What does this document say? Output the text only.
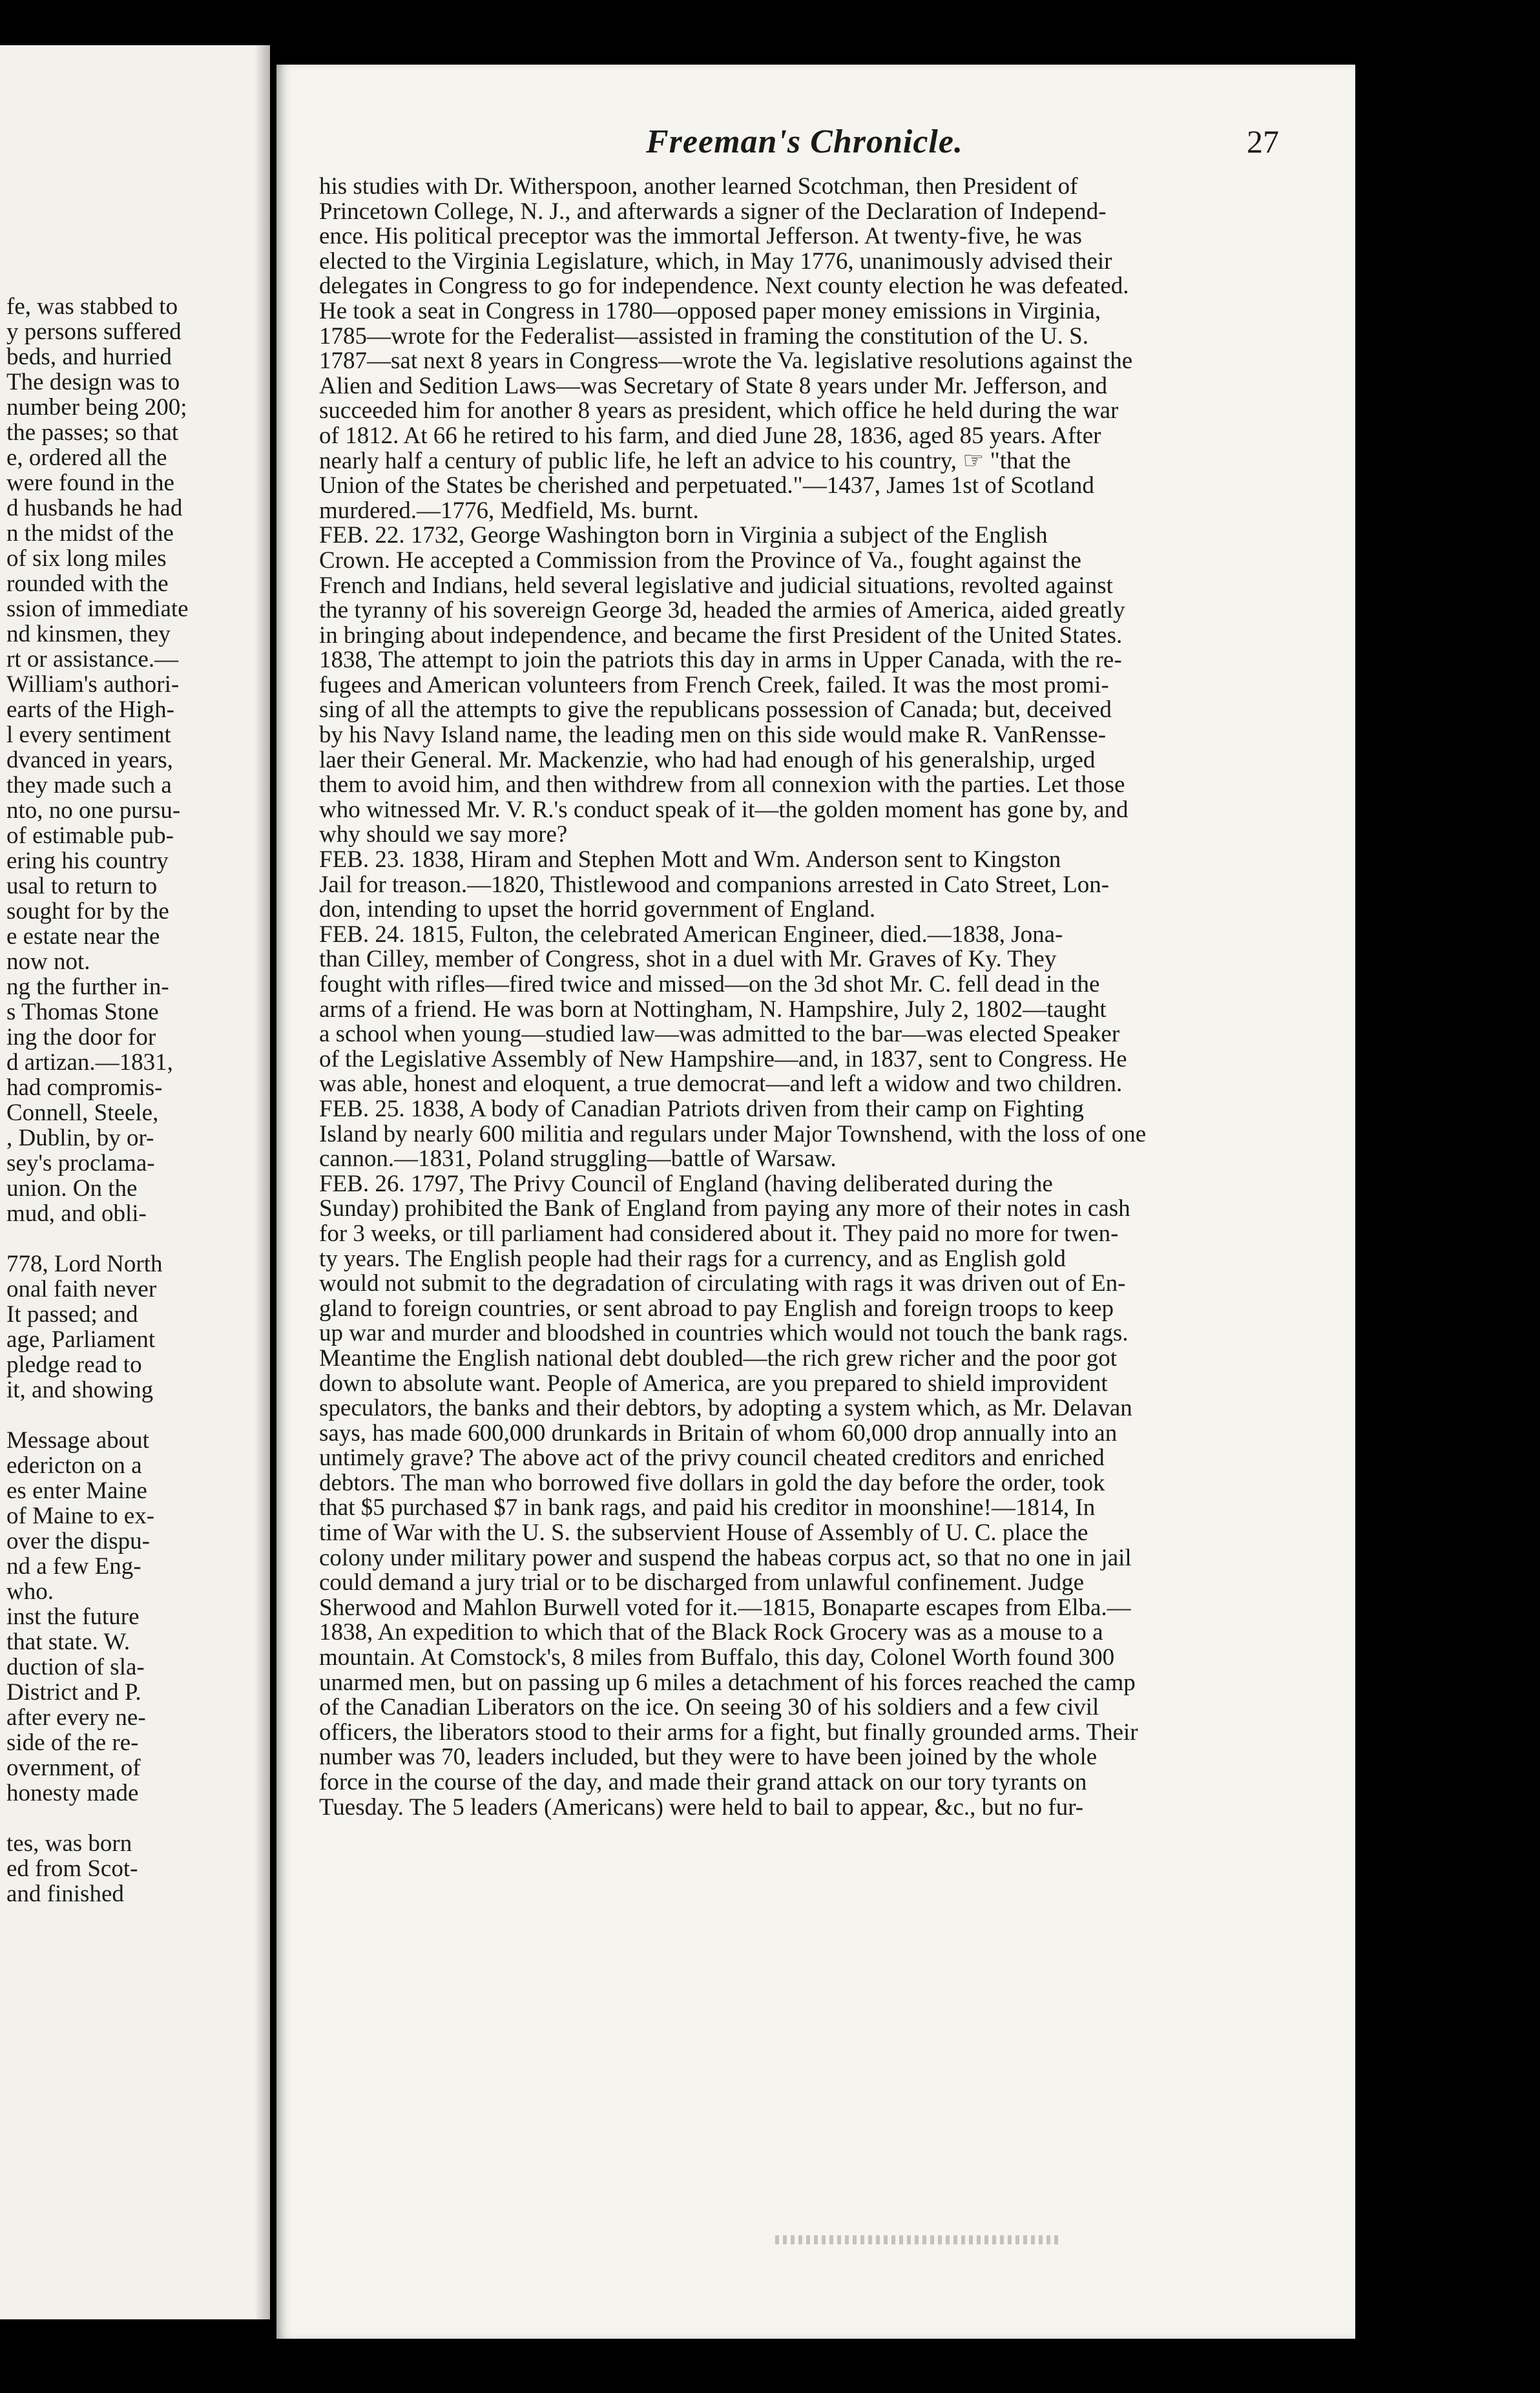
fe, was stabbed to
y persons suffered
beds, and hurried
The design was to
number being 200;
the passes; so that
e, ordered all the
were found in the
d husbands he had
n the midst of the
of six long miles
rounded with the
ssion of immediate
nd kinsmen, they
rt or assistance.—
William's authori-
earts of the High-
l every sentiment
dvanced in years,
they made such a
nto, no one pursu-
of estimable pub-
ering his country
usal to return to
sought for by the
e estate near the
now not.
ng the further in-
s Thomas Stone
ing the door for
d artizan.—1831,
had compromis-
Connell, Steele,
, Dublin, by or-
sey's proclama-
union. On the
mud, and obli-
778, Lord North
onal faith never
It passed; and
age, Parliament
pledge read to
it, and showing
Message about
edericton on a
es enter Maine
of Maine to ex-
over the dispu-
nd a few Eng-
who.
inst the future
that state. W.
duction of sla-
District and P.
after every ne-
side of the re-
overnment, of
honesty made
tes, was born
ed from Scot-
and finished
Freeman's Chronicle.	27
his studies with Dr. Witherspoon, another learned Scotchman, then President of
Princetown College, N. J., and afterwards a signer of the Declaration of Independ-
ence. His political preceptor was the immortal Jefferson. At twenty-five, he was
elected to the Virginia Legislature, which, in May 1776, unanimously advised their
delegates in Congress to go for independence. Next county election he was defeated.
He took a seat in Congress in 1780—opposed paper money emissions in Virginia,
1785—wrote for the Federalist—assisted in framing the constitution of the U. S.
1787—sat next 8 years in Congress—wrote the Va. legislative resolutions against the
Alien and Sedition Laws—was Secretary of State 8 years under Mr. Jefferson, and
succeeded him for another 8 years as president, which office he held during the war
of 1812. At 66 he retired to his farm, and died June 28, 1836, aged 85 years. After
nearly half a century of public life, he left an advice to his country, ☞ "that the
Union of the States be cherished and perpetuated."—1437, James 1st of Scotland
murdered.—1776, Medfield, Ms. burnt.
FEB. 22. 1732, George Washington born in Virginia a subject of the English
Crown. He accepted a Commission from the Province of Va., fought against the
French and Indians, held several legislative and judicial situations, revolted against
the tyranny of his sovereign George 3d, headed the armies of America, aided greatly
in bringing about independence, and became the first President of the United States.
1838, The attempt to join the patriots this day in arms in Upper Canada, with the re-
fugees and American volunteers from French Creek, failed. It was the most promi-
sing of all the attempts to give the republicans possession of Canada; but, deceived
by his Navy Island name, the leading men on this side would make R. VanRensse-
laer their General. Mr. Mackenzie, who had had enough of his generalship, urged
them to avoid him, and then withdrew from all connexion with the parties. Let those
who witnessed Mr. V. R.'s conduct speak of it—the golden moment has gone by, and
why should we say more?
FEB. 23. 1838, Hiram and Stephen Mott and Wm. Anderson sent to Kingston
Jail for treason.—1820, Thistlewood and companions arrested in Cato Street, Lon-
don, intending to upset the horrid government of England.
FEB. 24. 1815, Fulton, the celebrated American Engineer, died.—1838, Jona-
than Cilley, member of Congress, shot in a duel with Mr. Graves of Ky. They
fought with rifles—fired twice and missed—on the 3d shot Mr. C. fell dead in the
arms of a friend. He was born at Nottingham, N. Hampshire, July 2, 1802—taught
a school when young—studied law—was admitted to the bar—was elected Speaker
of the Legislative Assembly of New Hampshire—and, in 1837, sent to Congress. He
was able, honest and eloquent, a true democrat—and left a widow and two children.
FEB. 25. 1838, A body of Canadian Patriots driven from their camp on Fighting
Island by nearly 600 militia and regulars under Major Townshend, with the loss of one
cannon.—1831, Poland struggling—battle of Warsaw.
FEB. 26. 1797, The Privy Council of England (having deliberated during the
Sunday) prohibited the Bank of England from paying any more of their notes in cash
for 3 weeks, or till parliament had considered about it. They paid no more for twen-
ty years. The English people had their rags for a currency, and as English gold
would not submit to the degradation of circulating with rags it was driven out of En-
gland to foreign countries, or sent abroad to pay English and foreign troops to keep
up war and murder and bloodshed in countries which would not touch the bank rags.
Meantime the English national debt doubled—the rich grew richer and the poor got
down to absolute want. People of America, are you prepared to shield improvident
speculators, the banks and their debtors, by adopting a system which, as Mr. Delavan
says, has made 600,000 drunkards in Britain of whom 60,000 drop annually into an
untimely grave? The above act of the privy council cheated creditors and enriched
debtors. The man who borrowed five dollars in gold the day before the order, took
that $5 purchased $7 in bank rags, and paid his creditor in moonshine!—1814, In
time of War with the U. S. the subservient House of Assembly of U. C. place the
colony under military power and suspend the habeas corpus act, so that no one in jail
could demand a jury trial or to be discharged from unlawful confinement. Judge
Sherwood and Mahlon Burwell voted for it.—1815, Bonaparte escapes from Elba.—
1838, An expedition to which that of the Black Rock Grocery was as a mouse to a
mountain. At Comstock's, 8 miles from Buffalo, this day, Colonel Worth found 300
unarmed men, but on passing up 6 miles a detachment of his forces reached the camp
of the Canadian Liberators on the ice. On seeing 30 of his soldiers and a few civil
officers, the liberators stood to their arms for a fight, but finally grounded arms. Their
number was 70, leaders included, but they were to have been joined by the whole
force in the course of the day, and made their grand attack on our tory tyrants on
Tuesday. The 5 leaders (Americans) were held to bail to appear, &c., but no fur-
